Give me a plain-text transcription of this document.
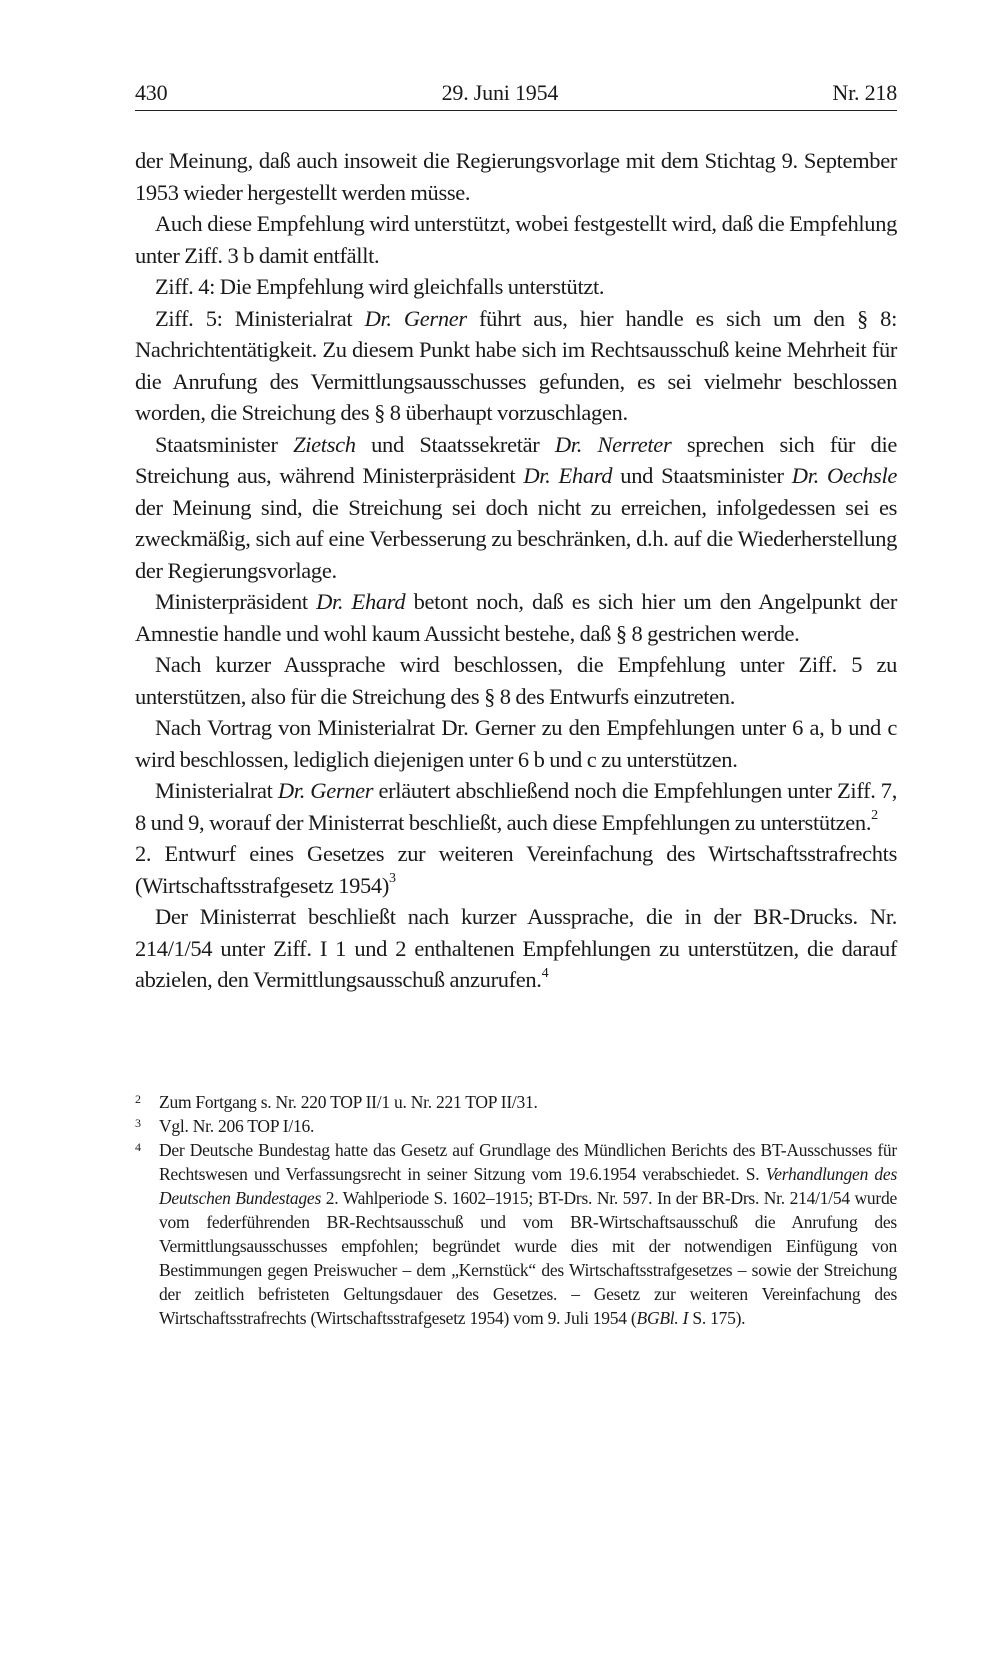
430	29. Juni 1954	Nr. 218

der Meinung, daß auch insoweit die Regierungsvorlage mit dem Stichtag 9. September 1953 wieder hergestellt werden müsse.

Auch diese Empfehlung wird unterstützt, wobei festgestellt wird, daß die Empfehlung unter Ziff. 3 b damit entfällt.

Ziff. 4: Die Empfehlung wird gleichfalls unterstützt.

Ziff. 5: Ministerialrat Dr. Gerner führt aus, hier handle es sich um den § 8: Nachrichtentätigkeit. Zu diesem Punkt habe sich im Rechtsausschuß keine Mehrheit für die Anrufung des Vermittlungsausschusses gefunden, es sei vielmehr beschlossen worden, die Streichung des § 8 überhaupt vorzuschlagen.

Staatsminister Zietsch und Staatssekretär Dr. Nerreter sprechen sich für die Streichung aus, während Ministerpräsident Dr. Ehard und Staatsminister Dr. Oechsle der Meinung sind, die Streichung sei doch nicht zu erreichen, infolgedessen sei es zweckmäßig, sich auf eine Verbesserung zu beschränken, d.h. auf die Wiederherstellung der Regierungsvorlage.

Ministerpräsident Dr. Ehard betont noch, daß es sich hier um den Angelpunkt der Amnestie handle und wohl kaum Aussicht bestehe, daß § 8 gestrichen werde.

Nach kurzer Aussprache wird beschlossen, die Empfehlung unter Ziff. 5 zu unterstützen, also für die Streichung des § 8 des Entwurfs einzutreten.

Nach Vortrag von Ministerialrat Dr. Gerner zu den Empfehlungen unter 6 a, b und c wird beschlossen, lediglich diejenigen unter 6 b und c zu unterstützen.

Ministerialrat Dr. Gerner erläutert abschließend noch die Empfehlungen unter Ziff. 7, 8 und 9, worauf der Ministerrat beschließt, auch diese Empfehlungen zu unterstützen.$^2$

2. Entwurf eines Gesetzes zur weiteren Vereinfachung des Wirtschaftsstrafrechts (Wirtschaftsstrafgesetz 1954)$^3$

Der Ministerrat beschließt nach kurzer Aussprache, die in der BR-Drucks. Nr. 214/1/54 unter Ziff. I 1 und 2 enthaltenen Empfehlungen zu unterstützen, die darauf abzielen, den Vermittlungsausschuß anzurufen.$^4$

2	Zum Fortgang s. Nr. 220 TOP II/1 u. Nr. 221 TOP II/31.
3	Vgl. Nr. 206 TOP I/16.
4	Der Deutsche Bundestag hatte das Gesetz auf Grundlage des Mündlichen Berichts des BT-Ausschusses für Rechtswesen und Verfassungsrecht in seiner Sitzung vom 19.6.1954 verabschiedet. S. Verhandlungen des Deutschen Bundestages 2. Wahlperiode S. 1602–1915; BT-Drs. Nr. 597. In der BR-Drs. Nr. 214/1/54 wurde vom federführenden BR-Rechtsausschuß und vom BR-Wirtschaftsausschuß die Anrufung des Vermittlungsausschusses empfohlen; begründet wurde dies mit der notwendigen Einfügung von Bestimmungen gegen Preiswucher – dem „Kernstück“ des Wirtschaftsstrafgesetzes – sowie der Streichung der zeitlich befristeten Geltungsdauer des Gesetzes. – Gesetz zur weiteren Vereinfachung des Wirtschaftsstrafrechts (Wirtschaftsstrafgesetz 1954) vom 9. Juli 1954 (BGBl. I S. 175).
